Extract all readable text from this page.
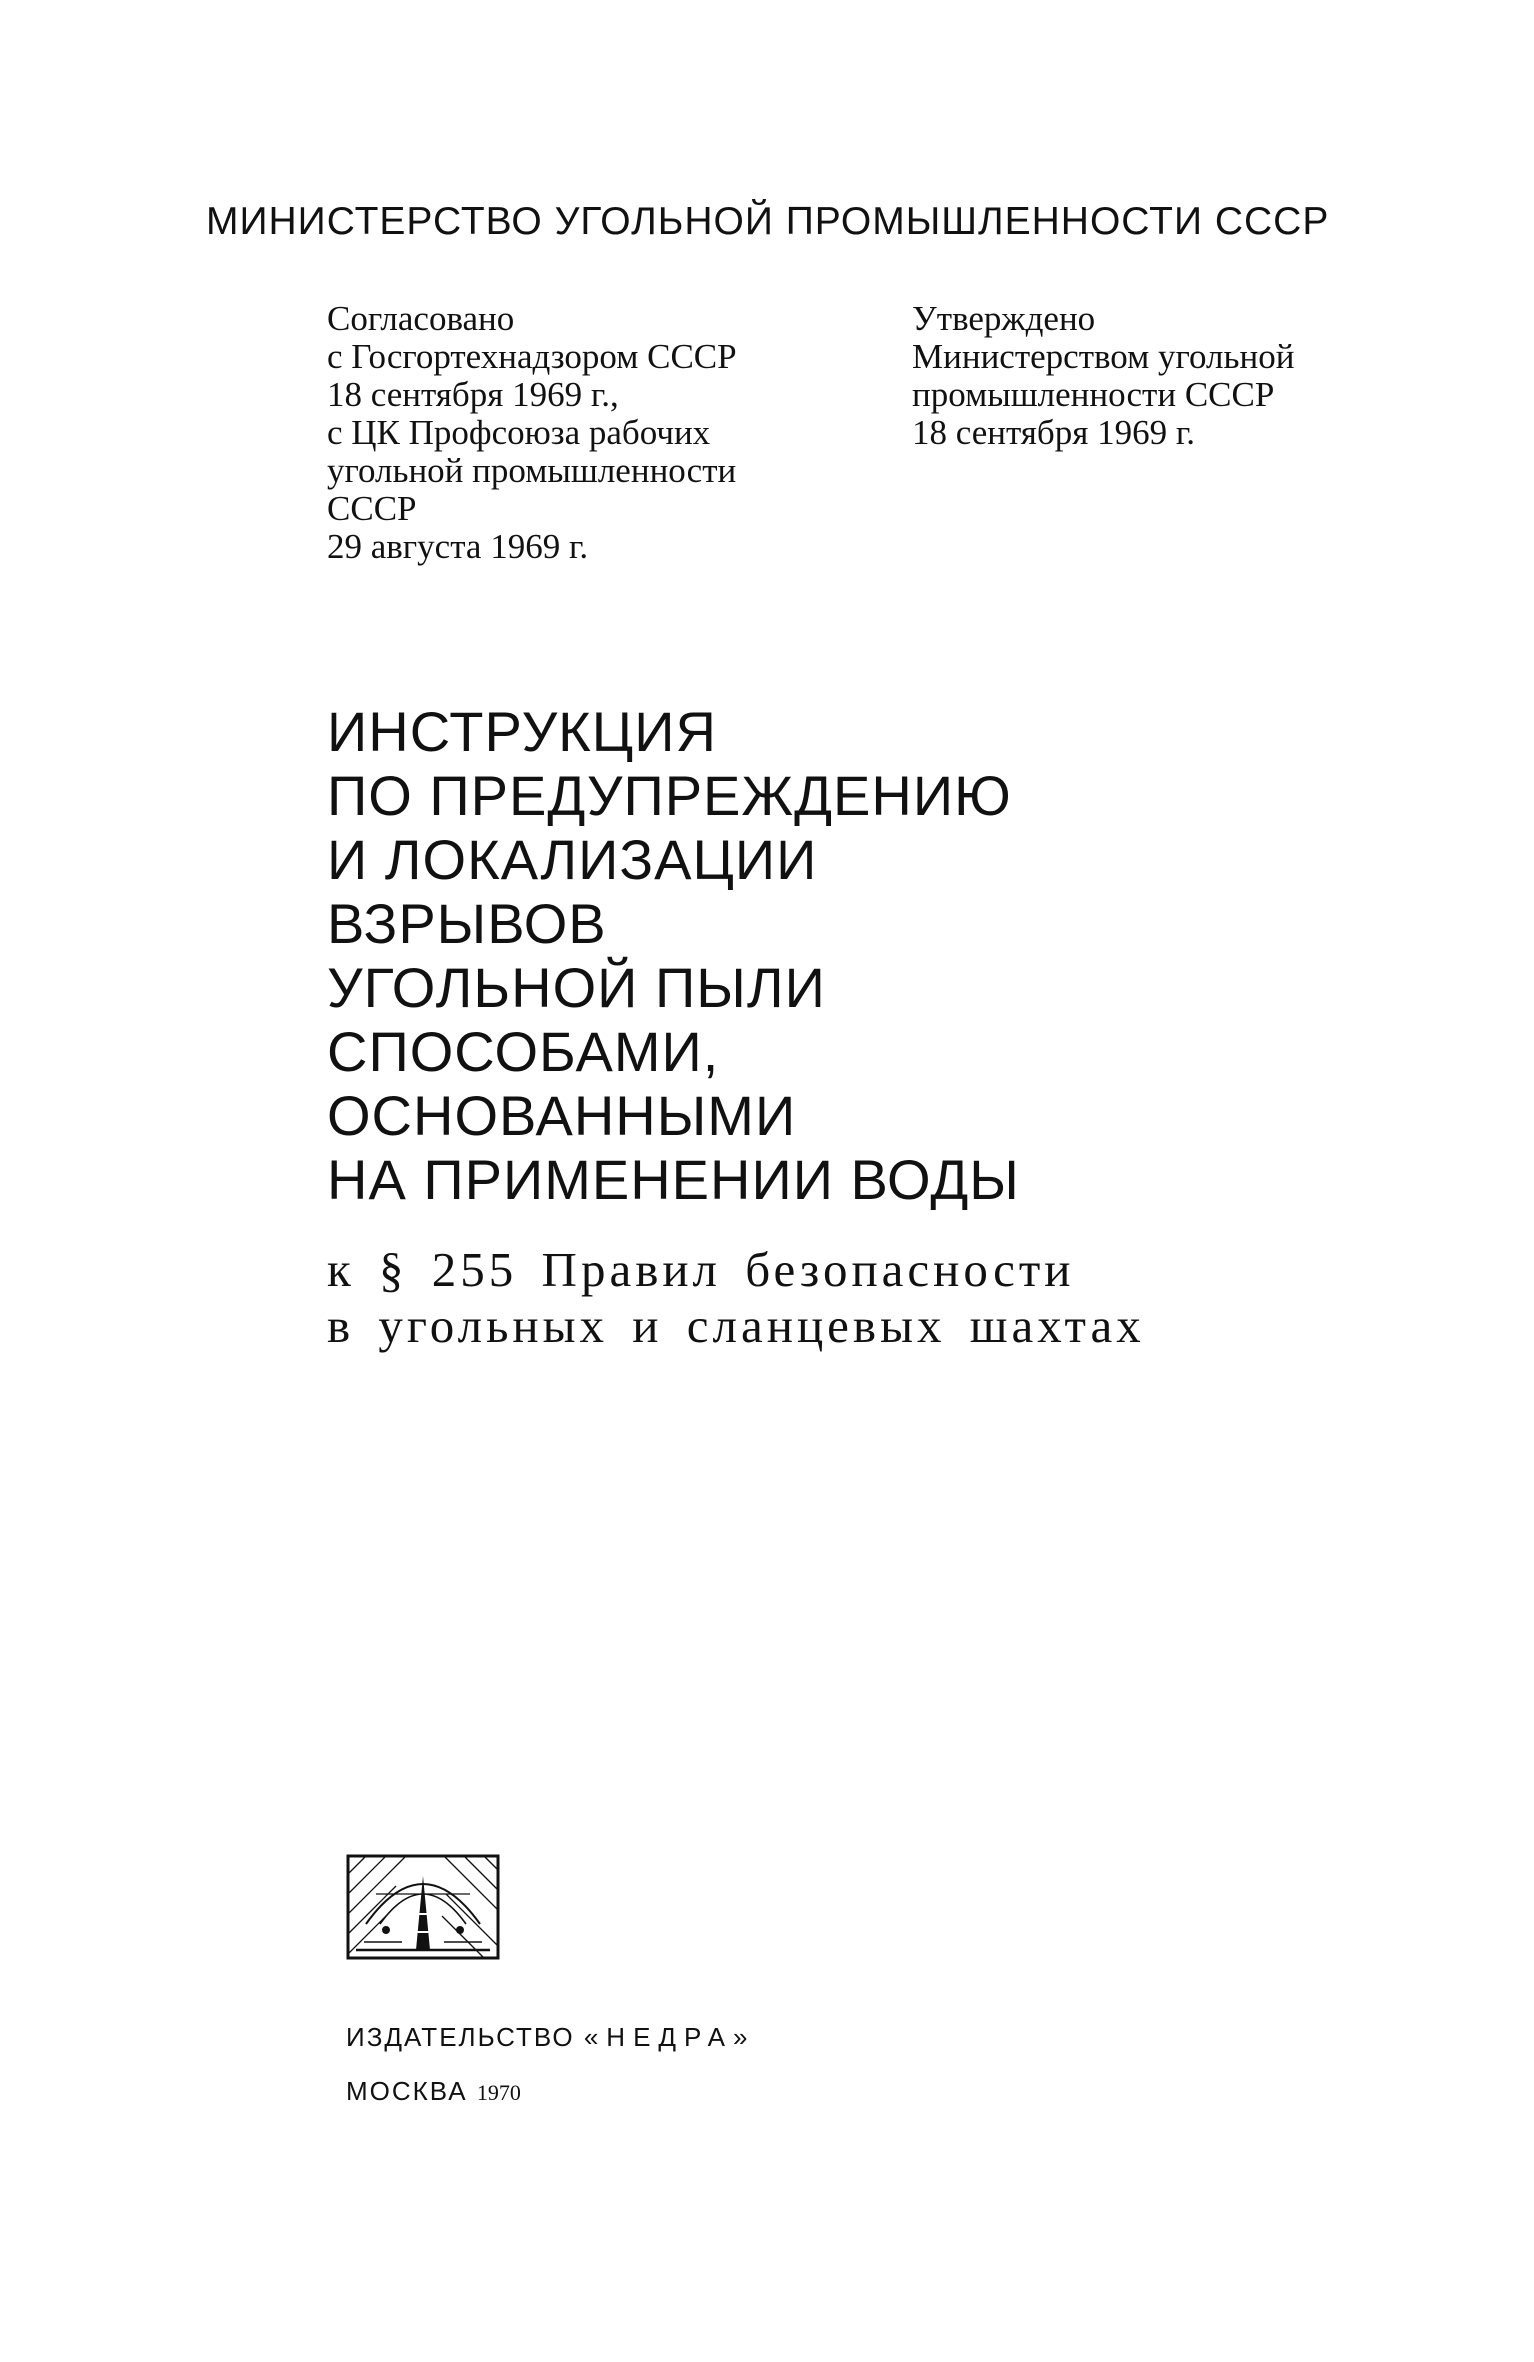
МИНИСТЕРСТВО УГОЛЬНОЙ ПРОМЫШЛЕННОСТИ СССР
Согласовано
с Госгортехнадзором СССР
18 сентября 1969 г.,
с ЦК Профсоюза рабочих
угольной промышленности
СССР
29 августа 1969 г.
Утверждено
Министерством угольной
промышленности СССР
18 сентября 1969 г.
ИНСТРУКЦИЯ
ПО ПРЕДУПРЕЖДЕНИЮ
И ЛОКАЛИЗАЦИИ
ВЗРЫВОВ
УГОЛЬНОЙ ПЫЛИ
СПОСОБАМИ,
ОСНОВАННЫМИ
НА ПРИМЕНЕНИИ ВОДЫ
к § 255 Правил безопасности
в угольных и сланцевых шахтах

ИЗДАТЕЛЬСТВО «НЕДРА»

МОСКВА 1970
